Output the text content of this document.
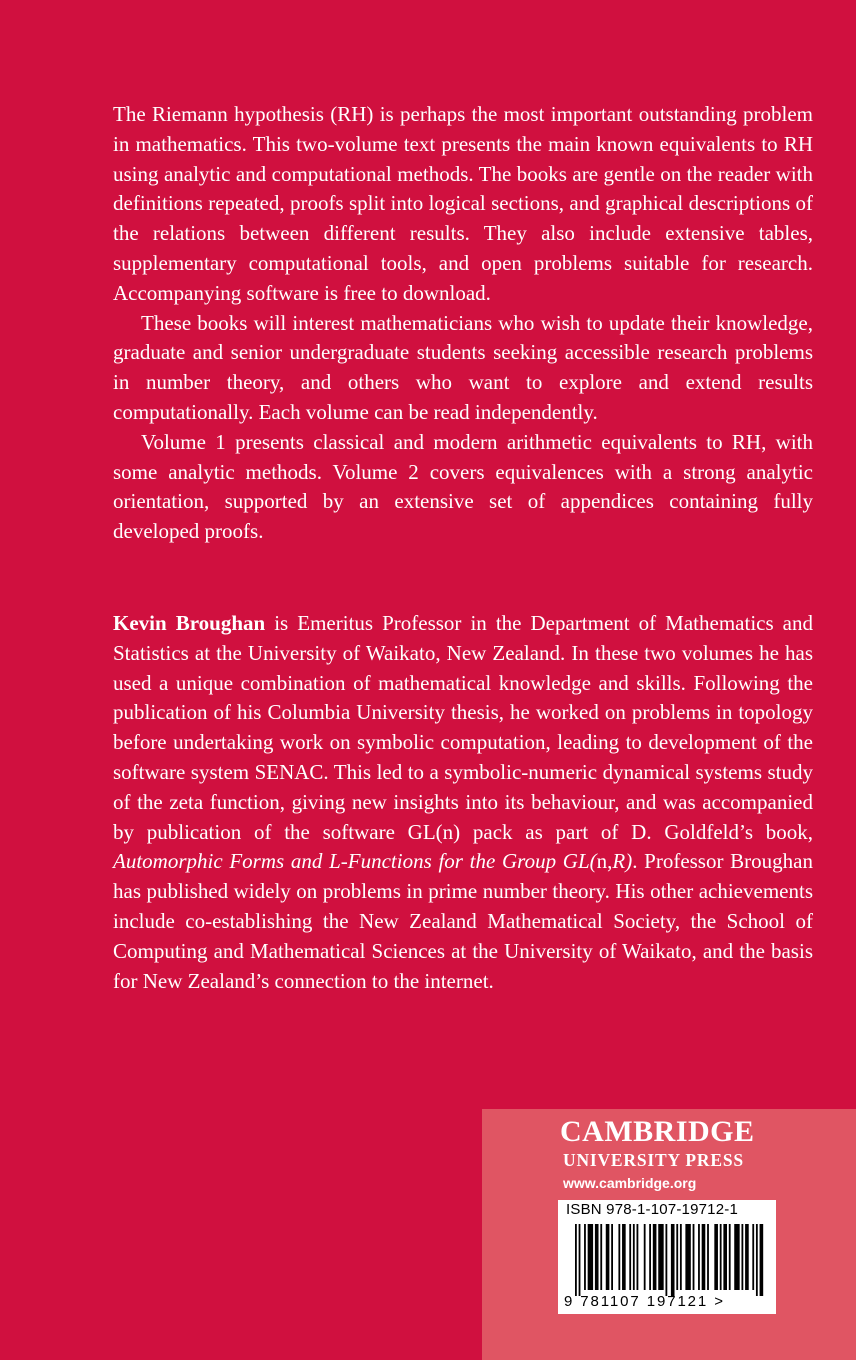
The Riemann hypothesis (RH) is perhaps the most important outstanding problem in mathematics. This two-volume text presents the main known equivalents to RH using analytic and computational methods. The books are gentle on the reader with definitions repeated, proofs split into logical sections, and graphical descriptions of the relations between different results. They also include extensive tables, supplementary computational tools, and open problems suitable for research. Accompanying software is free to download.

These books will interest mathematicians who wish to update their knowledge, graduate and senior undergraduate students seeking accessible research problems in number theory, and others who want to explore and extend results computationally. Each volume can be read independently.

Volume 1 presents classical and modern arithmetic equivalents to RH, with some analytic methods. Volume 2 covers equivalences with a strong analytic orientation, supported by an extensive set of appendices containing fully developed proofs.

Kevin Broughan is Emeritus Professor in the Department of Mathematics and Statistics at the University of Waikato, New Zealand. In these two volumes he has used a unique combination of mathematical knowledge and skills. Following the publication of his Columbia University thesis, he worked on problems in topology before undertaking work on symbolic computation, leading to development of the software system SENAC. This led to a symbolic-numeric dynamical systems study of the zeta function, giving new insights into its behaviour, and was accompanied by publication of the software GL(n) pack as part of D. Goldfeld’s book, Automorphic Forms and L-Functions for the Group GL(n,R). Professor Broughan has published widely on problems in prime number theory. His other achievements include co-establishing the New Zealand Mathematical Society, the School of Computing and Mathematical Sciences at the University of Waikato, and the basis for New Zealand’s connection to the internet.

CAMBRIDGE
UNIVERSITY PRESS
www.cambridge.org
ISBN 978-1-107-19712-1
9 781107 197121 >
